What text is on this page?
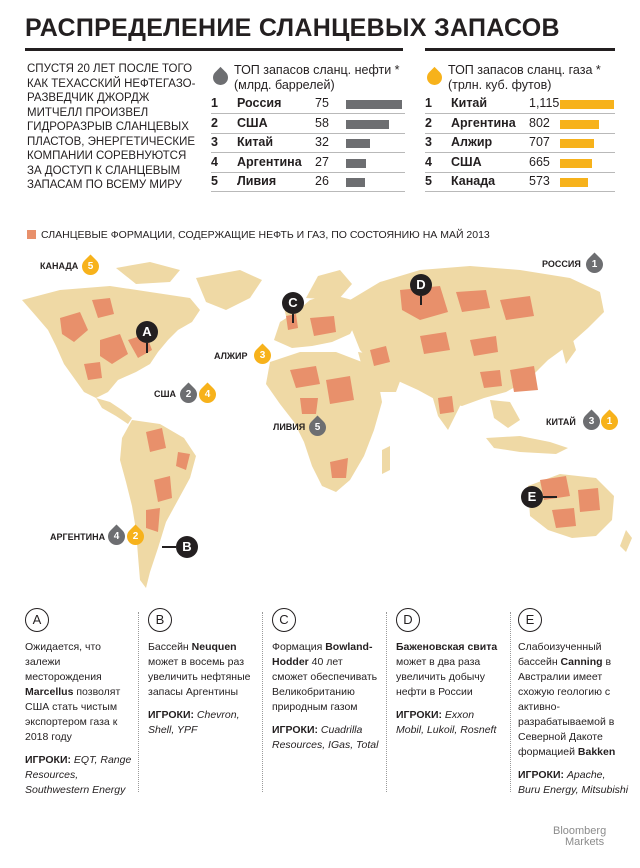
РАСПРЕДЕЛЕНИЕ СЛАНЦЕВЫХ ЗАПАСОВ
СПУСТЯ 20 ЛЕТ ПОСЛЕ ТОГО КАК ТЕХАССКИЙ НЕФТЕГАЗО-РАЗВЕДЧИК ДЖОРДЖ МИТЧЕЛЛ ПРОИЗВЕЛ ГИДРОРАЗРЫВ СЛАНЦЕВЫХ ПЛАСТОВ, ЭНЕРГЕТИЧЕСКИЕ КОМПАНИИ СОРЕВНУЮТСЯ ЗА ДОСТУП К СЛАНЦЕВЫМ ЗАПАСАМ ПО ВСЕМУ МИРУ
ТОП запасов сланц. нефти *
(млрд. баррелей)
1 Россия	75
2 США	58
3 Китай	32
4 Аргентина 27
5 Ливия	26
ТОП запасов сланц. газа *
(трлн. куб. футов)
1 Китай	1,115
2 Аргентина 802
3 Алжир	707
4 США	665
5 Канада	573
СЛАНЦЕВЫЕ ФОРМАЦИИ, СОДЕРЖАЩИЕ НЕФТЬ И ГАЗ, ПО СОСТОЯНИЮ НА МАЙ 2013
КАНАДА 5	РОССИЯ	1
АЛЖИР	3
США 2	4
ЛИВИЯ 5	КИТАЙ	3	1
АРГЕНТИНА 4	2
A
B
C
D
E
A
Ожидается, что залежи месторождения Marcellus позволят США стать чистым экспортером газа к 2018 году
ИГРОКИ: EQT, Range Resources, Southwestern Energy
B
Бассейн Neuquen может в восемь раз увеличить нефтяные запасы Аргентины
ИГРОКИ: Chevron, Shell, YPF
C
Формация Bowland-Hodder 40 лет сможет обеспечивать Великобританию природным газом
ИГРОКИ: Cuadrilla Resources, IGas, Total
D
Баженовская свита может в два раза увеличить добычу нефти в России
ИГРОКИ: Exxon Mobil, Lukoil, Rosneft
E
Слабоизученный бассейн Canning в Австралии имеет схожую геологию с активно-разрабатываемой в Северной Дакоте формацией Bakken
ИГРОКИ: Apache, Buru Energy, Mitsubishi
Bloomberg
Markets
